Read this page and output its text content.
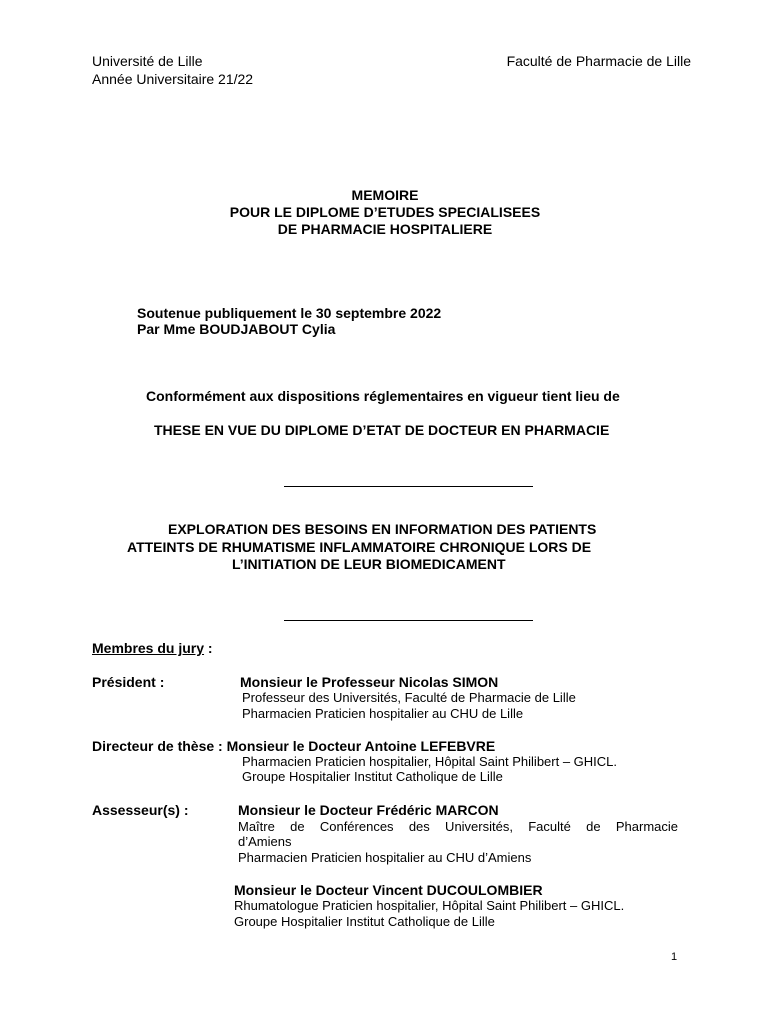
Université de Lille
Année Universitaire 21/22
Faculté de Pharmacie de Lille
MEMOIRE
POUR LE DIPLOME D’ETUDES SPECIALISEES
DE PHARMACIE HOSPITALIERE
Soutenue publiquement le 30 septembre 2022
Par Mme BOUDJABOUT Cylia
Conformément aux dispositions réglementaires en vigueur tient lieu de
THESE EN VUE DU DIPLOME D’ETAT DE DOCTEUR EN PHARMACIE
EXPLORATION DES BESOINS EN INFORMATION DES PATIENTS
ATTEINTS DE RHUMATISME INFLAMMATOIRE CHRONIQUE LORS DE
L’INITIATION DE LEUR BIOMEDICAMENT
Membres du jury :
Président :	Monsieur le Professeur Nicolas SIMON
Professeur des Universités, Faculté de Pharmacie de Lille
Pharmacien Praticien hospitalier au CHU de Lille
Directeur de thèse : Monsieur le Docteur Antoine LEFEBVRE
Pharmacien Praticien hospitalier, Hôpital Saint Philibert – GHICL.
Groupe Hospitalier Institut Catholique de Lille
Assesseur(s) :	Monsieur le Docteur Frédéric MARCON
Maître de Conférences des Universités, Faculté de Pharmacie
d’Amiens
Pharmacien Praticien hospitalier au CHU d’Amiens
Monsieur le Docteur Vincent DUCOULOMBIER
Rhumatologue Praticien hospitalier, Hôpital Saint Philibert – GHICL.
Groupe Hospitalier Institut Catholique de Lille
1
